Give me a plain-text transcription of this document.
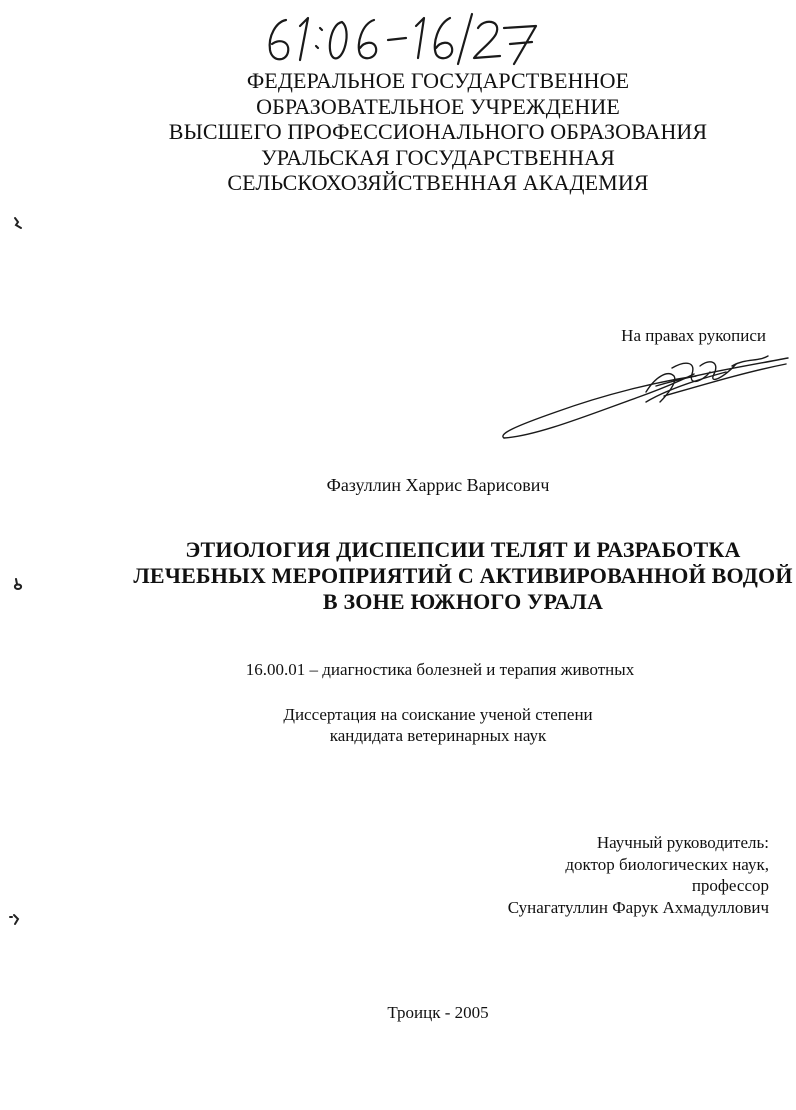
ФЕДЕРАЛЬНОЕ ГОСУДАРСТВЕННОЕ
ОБРАЗОВАТЕЛЬНОЕ УЧРЕЖДЕНИЕ
ВЫСШЕГО ПРОФЕССИОНАЛЬНОГО ОБРАЗОВАНИЯ
УРАЛЬСКАЯ ГОСУДАРСТВЕННАЯ
СЕЛЬСКОХОЗЯЙСТВЕННАЯ АКАДЕМИЯ
На правах рукописи
Фазуллин Харрис Варисович
ЭТИОЛОГИЯ ДИСПЕПСИИ ТЕЛЯТ И РАЗРАБОТКА
ЛЕЧЕБНЫХ МЕРОПРИЯТИЙ С АКТИВИРОВАННОЙ ВОДОЙ
В ЗОНЕ ЮЖНОГО УРАЛА
16.00.01 – диагностика болезней и терапия животных
Диссертация на соискание ученой степени
кандидата ветеринарных наук
Научный руководитель:
доктор биологических наук,
профессор
Сунагатуллин Фарук Ахмадуллович
Троицк - 2005
